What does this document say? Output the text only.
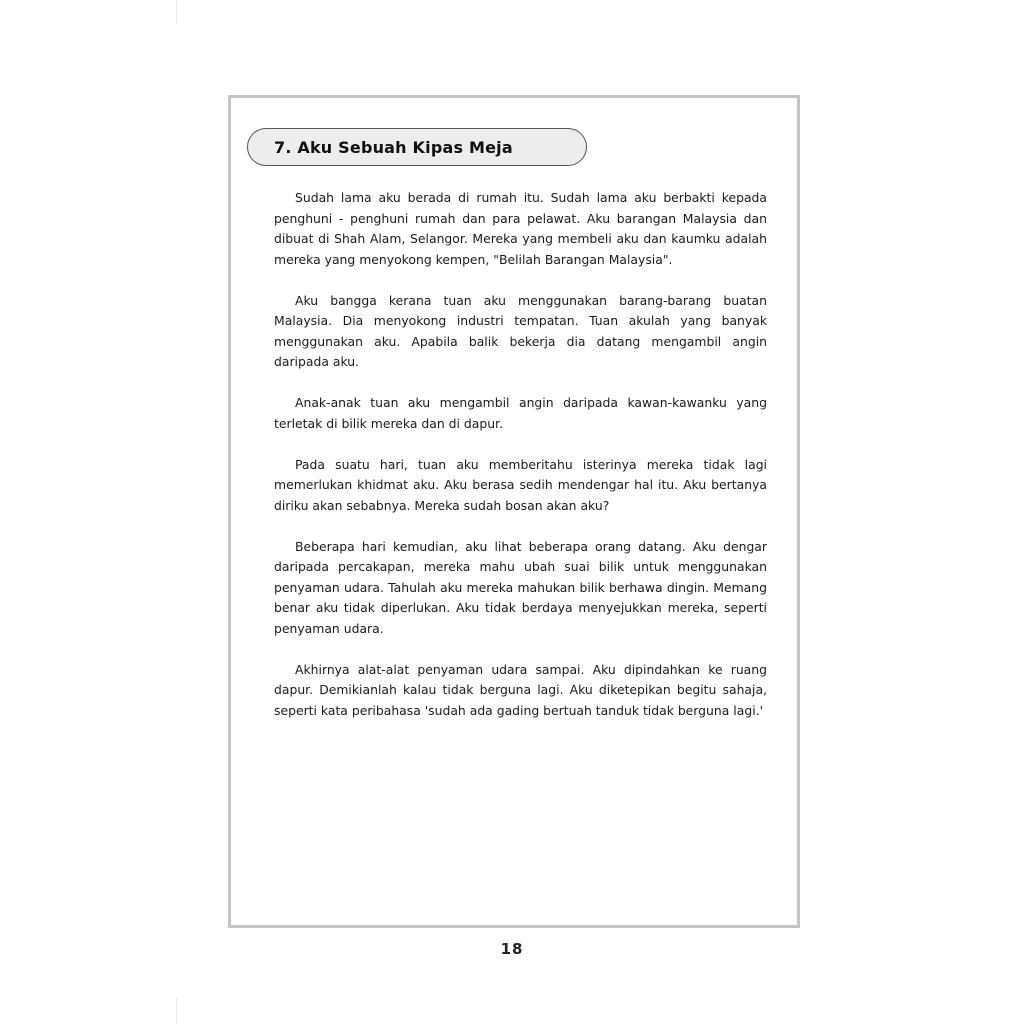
7. Aku Sebuah Kipas Meja

Sudah lama aku berada di rumah itu. Sudah lama aku berbakti kepada penghuni - penghuni rumah dan para pelawat. Aku barangan Malaysia dan dibuat di Shah Alam, Selangor. Mereka yang membeli aku dan kaumku adalah mereka yang menyokong kempen, "Belilah Barangan Malaysia".

Aku bangga kerana tuan aku menggunakan barang-barang buatan Malaysia. Dia menyokong industri tempatan. Tuan akulah yang banyak menggunakan aku. Apabila balik bekerja dia datang mengambil angin daripada aku.

Anak-anak tuan aku mengambil angin daripada kawan-kawanku yang terletak di bilik mereka dan di dapur.

Pada suatu hari, tuan aku memberitahu isterinya mereka tidak lagi memerlukan khidmat aku. Aku berasa sedih mendengar hal itu. Aku bertanya diriku akan sebabnya. Mereka sudah bosan akan aku?

Beberapa hari kemudian, aku lihat beberapa orang datang. Aku dengar daripada percakapan, mereka mahu ubah suai bilik untuk menggunakan penyaman udara. Tahulah aku mereka mahukan bilik berhawa dingin. Memang benar aku tidak diperlukan. Aku tidak berdaya menyejukkan mereka, seperti penyaman udara.

Akhirnya alat-alat penyaman udara sampai. Aku dipindahkan ke ruang dapur. Demikianlah kalau tidak berguna lagi. Aku diketepikan begitu sahaja, seperti kata peribahasa 'sudah ada gading bertuah tanduk tidak berguna lagi.'

18
